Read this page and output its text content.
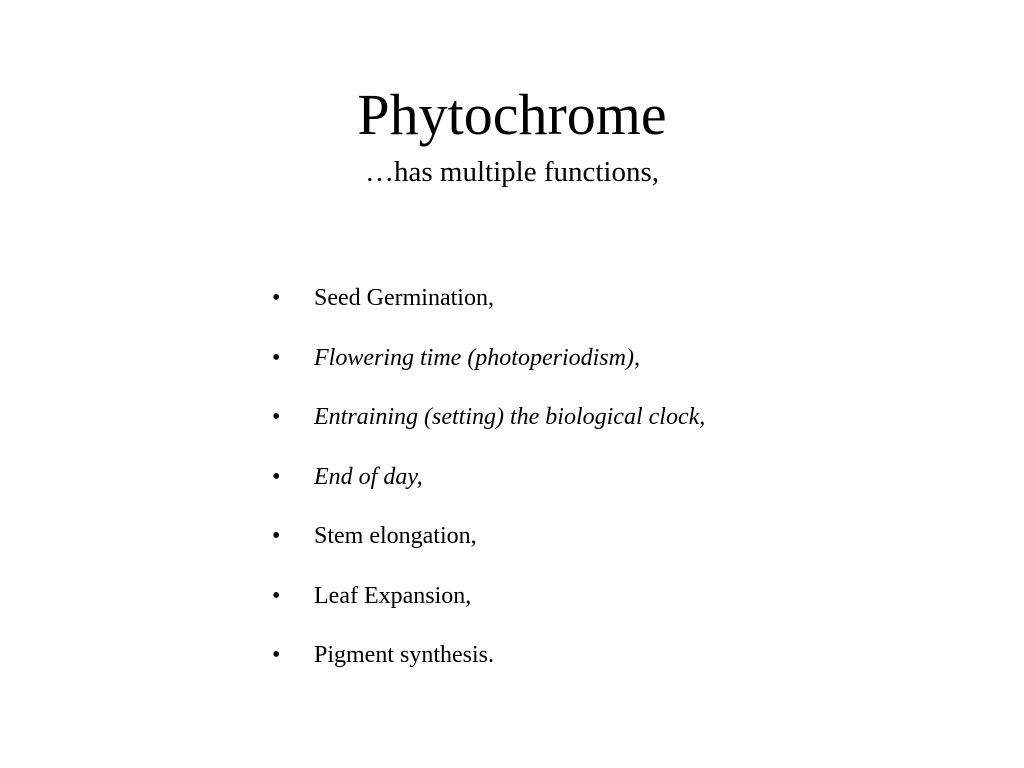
Phytochrome
…has multiple functions,
•	Seed Germination,
•	Flowering time (photoperiodism),
•	Entraining (setting) the biological clock,
•	End of day,
•	Stem elongation,
•	Leaf Expansion,
•	Pigment synthesis.
